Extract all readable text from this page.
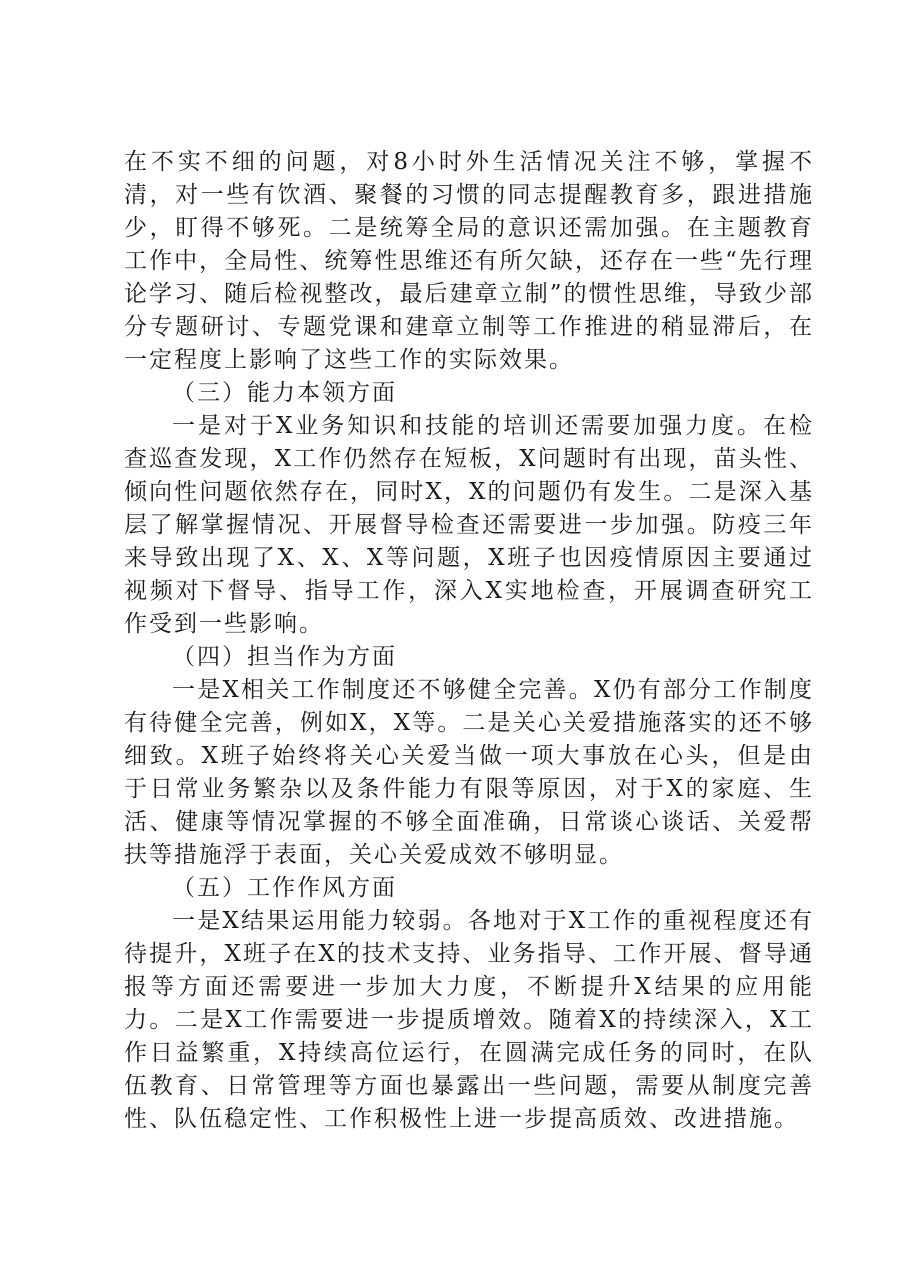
在不实不细的问题，对8小时外生活情况关注不够，掌握不清，对一些有饮酒、聚餐的习惯的同志提醒教育多，跟进措施少，盯得不够死。二是统筹全局的意识还需加强。在主题教育工作中，全局性、统筹性思维还有所欠缺，还存在一些“先行理论学习、随后检视整改，最后建章立制”的惯性思维，导致少部分专题研讨、专题党课和建章立制等工作推进的稍显滞后，在一定程度上影响了这些工作的实际效果。

（三）能力本领方面

一是对于X业务知识和技能的培训还需要加强力度。在检查巡查发现，X工作仍然存在短板，X问题时有出现，苗头性、倾向性问题依然存在，同时X，X的问题仍有发生。二是深入基层了解掌握情况、开展督导检查还需要进一步加强。防疫三年来导致出现了X、X、X等问题，X班子也因疫情原因主要通过视频对下督导、指导工作，深入X实地检查，开展调查研究工作受到一些影响。

（四）担当作为方面

一是X相关工作制度还不够健全完善。X仍有部分工作制度有待健全完善，例如X，X等。二是关心关爱措施落实的还不够细致。X班子始终将关心关爱当做一项大事放在心头，但是由于日常业务繁杂以及条件能力有限等原因，对于X的家庭、生活、健康等情况掌握的不够全面准确，日常谈心谈话、关爱帮扶等措施浮于表面，关心关爱成效不够明显。

（五）工作作风方面

一是X结果运用能力较弱。各地对于X工作的重视程度还有待提升，X班子在X的技术支持、业务指导、工作开展、督导通报等方面还需要进一步加大力度，不断提升X结果的应用能力。二是X工作需要进一步提质增效。随着X的持续深入，X工作日益繁重，X持续高位运行，在圆满完成任务的同时，在队伍教育、日常管理等方面也暴露出一些问题，需要从制度完善性、队伍稳定性、工作积极性上进一步提高质效、改进措施。
